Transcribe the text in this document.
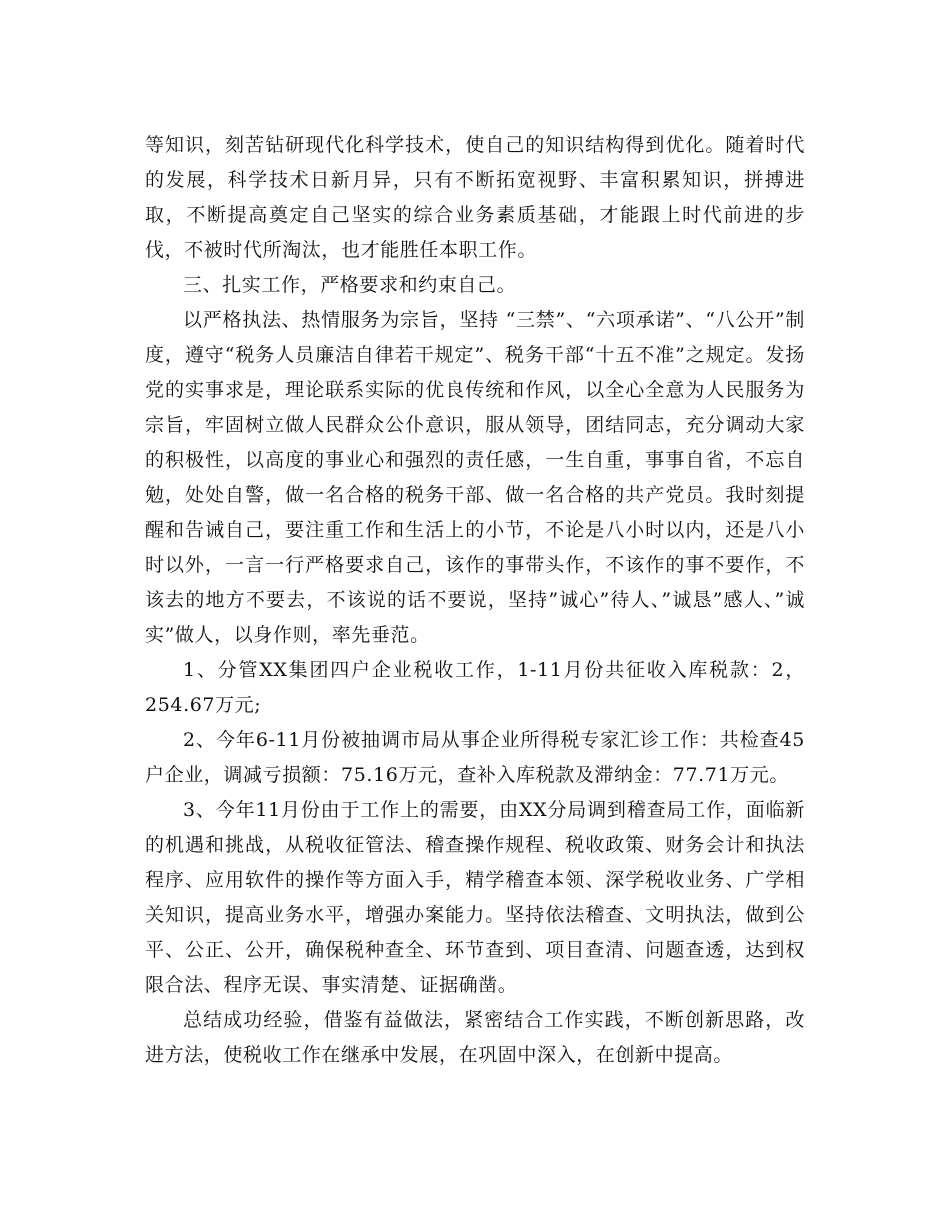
等知识，刻苦钻研现代化科学技术，使自己的知识结构得到优化。随着时代的发展，科学技术日新月异，只有不断拓宽视野、丰富积累知识，拼搏进取，不断提高奠定自己坚实的综合业务素质基础，才能跟上时代前进的步伐，不被时代所淘汰，也才能胜任本职工作。

三、扎实工作，严格要求和约束自己。

以严格执法、热情服务为宗旨，坚持 “三禁”、“六项承诺”、“八公开”制度，遵守“税务人员廉洁自律若干规定”、税务干部“十五不准”之规定。发扬党的实事求是，理论联系实际的优良传统和作风，以全心全意为人民服务为宗旨，牢固树立做人民群众公仆意识，服从领导，团结同志，充分调动大家的积极性，以高度的事业心和强烈的责任感，一生自重，事事自省，不忘自勉，处处自警，做一名合格的税务干部、做一名合格的共产党员。我时刻提醒和告诫自己，要注重工作和生活上的小节，不论是八小时以内，还是八小时以外，一言一行严格要求自己，该作的事带头作，不该作的事不要作，不该去的地方不要去，不该说的话不要说，坚持”诚心”待人、”诚恳”感人、”诚实”做人，以身作则，率先垂范。

1、分管XX集团四户企业税收工作，1-11月份共征收入库税款：2，254.67万元;

2、今年6-11月份被抽调市局从事企业所得税专家汇诊工作：共检查45户企业，调减亏损额：75.16万元，查补入库税款及滞纳金：77.71万元。

3、今年11月份由于工作上的需要，由XX分局调到稽查局工作，面临新的机遇和挑战，从税收征管法、稽查操作规程、税收政策、财务会计和执法程序、应用软件的操作等方面入手，精学稽查本领、深学税收业务、广学相关知识，提高业务水平，增强办案能力。坚持依法稽查、文明执法，做到公平、公正、公开，确保税种查全、环节查到、项目查清、问题查透，达到权限合法、程序无误、事实清楚、证据确凿。

总结成功经验，借鉴有益做法，紧密结合工作实践，不断创新思路，改进方法，使税收工作在继承中发展，在巩固中深入，在创新中提高。
